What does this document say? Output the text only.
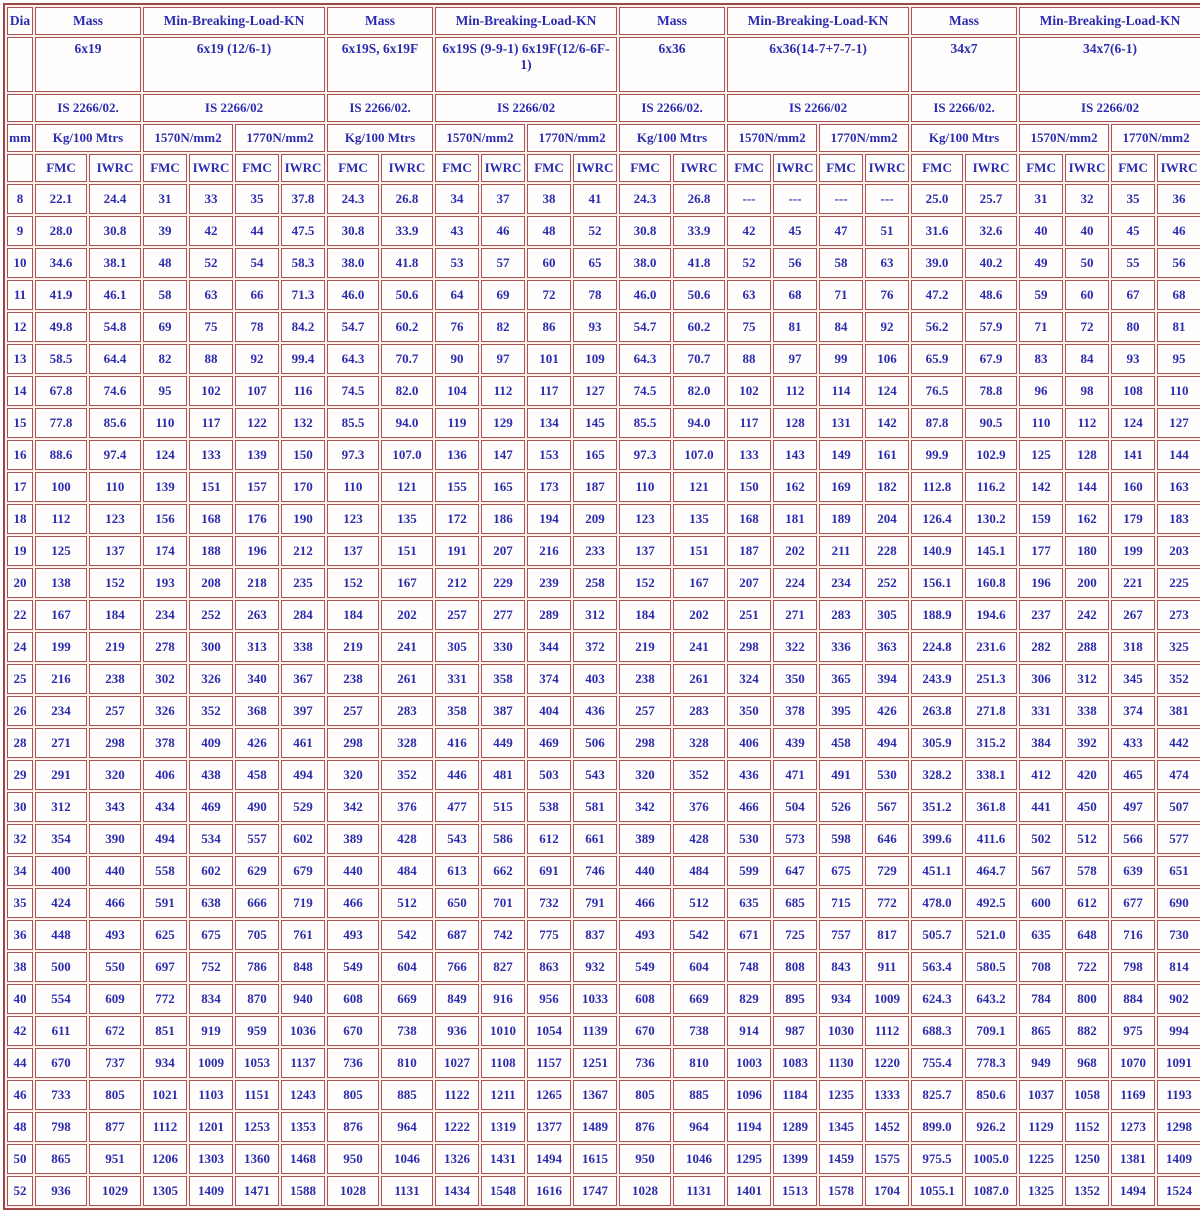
Dia	Mass		Min-Breaking-Load-KN				Mass		Min-Breaking-Load-KN				Mass		Min-Breaking-Load-KN				Mass		Min-Breaking-Load-KN			
	6x19		6x19 (12/6-1)				6x19S, 6x19F		6x19S (9-9-1) 6x19F(12/6-6F-1)				6x36		6x36(14-7+7-7-1)				34x7		34x7(6-1)			
	IS 2266/02.		IS 2266/02				IS 2266/02.		IS 2266/02				IS 2266/02.		IS 2266/02				IS 2266/02.		IS 2266/02			
mm	Kg/100 Mtrs		1570N/mm2		1770N/mm2		Kg/100 Mtrs		1570N/mm2		1770N/mm2		Kg/100 Mtrs		1570N/mm2		1770N/mm2		Kg/100 Mtrs		1570N/mm2		1770N/mm2	
	FMC	IWRC	FMC	IWRC	FMC	IWRC	FMC	IWRC	FMC	IWRC	FMC	IWRC	FMC	IWRC	FMC	IWRC	FMC	IWRC	FMC	IWRC	FMC	IWRC	FMC	IWRC
8	22.1	24.4	31	33	35	37.8	24.3	26.8	34	37	38	41	24.3	26.8	---	---	---	---	25.0	25.7	31	32	35	36
9	28.0	30.8	39	42	44	47.5	30.8	33.9	43	46	48	52	30.8	33.9	42	45	47	51	31.6	32.6	40	40	45	46
10	34.6	38.1	48	52	54	58.3	38.0	41.8	53	57	60	65	38.0	41.8	52	56	58	63	39.0	40.2	49	50	55	56
11	41.9	46.1	58	63	66	71.3	46.0	50.6	64	69	72	78	46.0	50.6	63	68	71	76	47.2	48.6	59	60	67	68
12	49.8	54.8	69	75	78	84.2	54.7	60.2	76	82	86	93	54.7	60.2	75	81	84	92	56.2	57.9	71	72	80	81
13	58.5	64.4	82	88	92	99.4	64.3	70.7	90	97	101	109	64.3	70.7	88	97	99	106	65.9	67.9	83	84	93	95
14	67.8	74.6	95	102	107	116	74.5	82.0	104	112	117	127	74.5	82.0	102	112	114	124	76.5	78.8	96	98	108	110
15	77.8	85.6	110	117	122	132	85.5	94.0	119	129	134	145	85.5	94.0	117	128	131	142	87.8	90.5	110	112	124	127
16	88.6	97.4	124	133	139	150	97.3	107.0	136	147	153	165	97.3	107.0	133	143	149	161	99.9	102.9	125	128	141	144
17	100	110	139	151	157	170	110	121	155	165	173	187	110	121	150	162	169	182	112.8	116.2	142	144	160	163
18	112	123	156	168	176	190	123	135	172	186	194	209	123	135	168	181	189	204	126.4	130.2	159	162	179	183
19	125	137	174	188	196	212	137	151	191	207	216	233	137	151	187	202	211	228	140.9	145.1	177	180	199	203
20	138	152	193	208	218	235	152	167	212	229	239	258	152	167	207	224	234	252	156.1	160.8	196	200	221	225
22	167	184	234	252	263	284	184	202	257	277	289	312	184	202	251	271	283	305	188.9	194.6	237	242	267	273
24	199	219	278	300	313	338	219	241	305	330	344	372	219	241	298	322	336	363	224.8	231.6	282	288	318	325
25	216	238	302	326	340	367	238	261	331	358	374	403	238	261	324	350	365	394	243.9	251.3	306	312	345	352
26	234	257	326	352	368	397	257	283	358	387	404	436	257	283	350	378	395	426	263.8	271.8	331	338	374	381
28	271	298	378	409	426	461	298	328	416	449	469	506	298	328	406	439	458	494	305.9	315.2	384	392	433	442
29	291	320	406	438	458	494	320	352	446	481	503	543	320	352	436	471	491	530	328.2	338.1	412	420	465	474
30	312	343	434	469	490	529	342	376	477	515	538	581	342	376	466	504	526	567	351.2	361.8	441	450	497	507
32	354	390	494	534	557	602	389	428	543	586	612	661	389	428	530	573	598	646	399.6	411.6	502	512	566	577
34	400	440	558	602	629	679	440	484	613	662	691	746	440	484	599	647	675	729	451.1	464.7	567	578	639	651
35	424	466	591	638	666	719	466	512	650	701	732	791	466	512	635	685	715	772	478.0	492.5	600	612	677	690
36	448	493	625	675	705	761	493	542	687	742	775	837	493	542	671	725	757	817	505.7	521.0	635	648	716	730
38	500	550	697	752	786	848	549	604	766	827	863	932	549	604	748	808	843	911	563.4	580.5	708	722	798	814
40	554	609	772	834	870	940	608	669	849	916	956	1033	608	669	829	895	934	1009	624.3	643.2	784	800	884	902
42	611	672	851	919	959	1036	670	738	936	1010	1054	1139	670	738	914	987	1030	1112	688.3	709.1	865	882	975	994
44	670	737	934	1009	1053	1137	736	810	1027	1108	1157	1251	736	810	1003	1083	1130	1220	755.4	778.3	949	968	1070	1091
46	733	805	1021	1103	1151	1243	805	885	1122	1211	1265	1367	805	885	1096	1184	1235	1333	825.7	850.6	1037	1058	1169	1193
48	798	877	1112	1201	1253	1353	876	964	1222	1319	1377	1489	876	964	1194	1289	1345	1452	899.0	926.2	1129	1152	1273	1298
50	865	951	1206	1303	1360	1468	950	1046	1326	1431	1494	1615	950	1046	1295	1399	1459	1575	975.5	1005.0	1225	1250	1381	1409
52	936	1029	1305	1409	1471	1588	1028	1131	1434	1548	1616	1747	1028	1131	1401	1513	1578	1704	1055.1	1087.0	1325	1352	1494	1524
